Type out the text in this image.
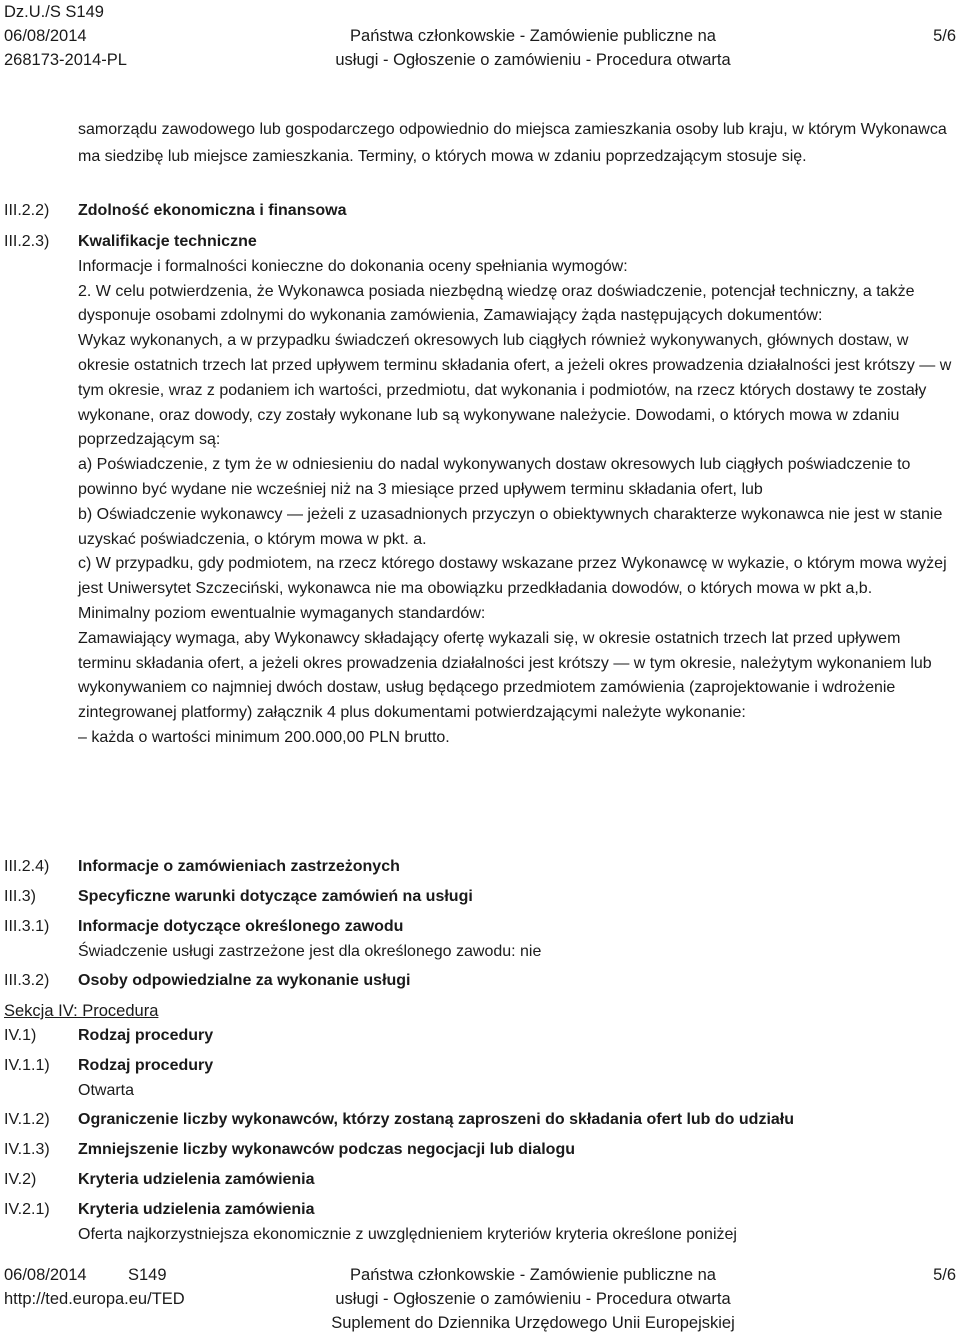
Dz.U./S S149
06/08/2014
268173-2014-PL
Państwa członkowskie - Zamówienie publiczne na
usługi - Ogłoszenie o zamówieniu - Procedura otwarta
5/6
samorządu zawodowego lub gospodarczego odpowiednio do miejsca zamieszkania osoby lub kraju, w którym Wykonawca ma siedzibę lub miejsce zamieszkania. Terminy, o których mowa w zdaniu poprzedzającym stosuje się.
III.2.2) Zdolność ekonomiczna i finansowa
III.2.3) Kwalifikacje techniczne
Informacje i formalności konieczne do dokonania oceny spełniania wymogów:
2. W celu potwierdzenia, że Wykonawca posiada niezbędną wiedzę oraz doświadczenie, potencjał techniczny, a także dysponuje osobami zdolnymi do wykonania zamówienia, Zamawiający żąda następujących dokumentów:
Wykaz wykonanych, a w przypadku świadczeń okresowych lub ciągłych również wykonywanych, głównych dostaw, w okresie ostatnich trzech lat przed upływem terminu składania ofert, a jeżeli okres prowadzenia działalności jest krótszy — w tym okresie, wraz z podaniem ich wartości, przedmiotu, dat wykonania i podmiotów, na rzecz których dostawy te zostały wykonane, oraz dowody, czy zostały wykonane lub są wykonywane należycie. Dowodami, o których mowa w zdaniu poprzedzającym są:
a) Poświadczenie, z tym że w odniesieniu do nadal wykonywanych dostaw okresowych lub ciągłych poświadczenie to powinno być wydane nie wcześniej niż na 3 miesiące przed upływem terminu składania ofert, lub
b) Oświadczenie wykonawcy — jeżeli z uzasadnionych przyczyn o obiektywnych charakterze wykonawca nie jest w stanie uzyskać poświadczenia, o którym mowa w pkt. a.
c) W przypadku, gdy podmiotem, na rzecz którego dostawy wskazane przez Wykonawcę w wykazie, o którym mowa wyżej jest Uniwersytet Szczeciński, wykonawca nie ma obowiązku przedkładania dowodów, o których mowa w pkt a,b.
Minimalny poziom ewentualnie wymaganych standardów:
Zamawiający wymaga, aby Wykonawcy składający ofertę wykazali się, w okresie ostatnich trzech lat przed upływem terminu składania ofert, a jeżeli okres prowadzenia działalności jest krótszy — w tym okresie, należytym wykonaniem lub wykonywaniem co najmniej dwóch dostaw, usług będącego przedmiotem zamówienia (zaprojektowanie i wdrożenie zintegrowanej platformy) załącznik 4 plus dokumentami potwierdzającymi należyte wykonanie:
– każda o wartości minimum 200.000,00 PLN brutto.
III.2.4) Informacje o zamówieniach zastrzeżonych
III.3)	Specyficzne warunki dotyczące zamówień na usługi
III.3.1) Informacje dotyczące określonego zawodu
Świadczenie usługi zastrzeżone jest dla określonego zawodu: nie
III.3.2) Osoby odpowiedzialne za wykonanie usługi
Sekcja IV: Procedura
IV.1)	Rodzaj procedury
IV.1.1) Rodzaj procedury
Otwarta
IV.1.2) Ograniczenie liczby wykonawców, którzy zostaną zaproszeni do składania ofert lub do udziału
IV.1.3) Zmniejszenie liczby wykonawców podczas negocjacji lub dialogu
IV.2)	Kryteria udzielenia zamówienia
IV.2.1) Kryteria udzielenia zamówienia
Oferta najkorzystniejsza ekonomicznie z uwzględnieniem kryteriów kryteria określone poniżej
06/08/2014	S149
http://ted.europa.eu/TED
Państwa członkowskie - Zamówienie publiczne na
usługi - Ogłoszenie o zamówieniu - Procedura otwarta
Suplement do Dziennika Urzędowego Unii Europejskiej
5/6
